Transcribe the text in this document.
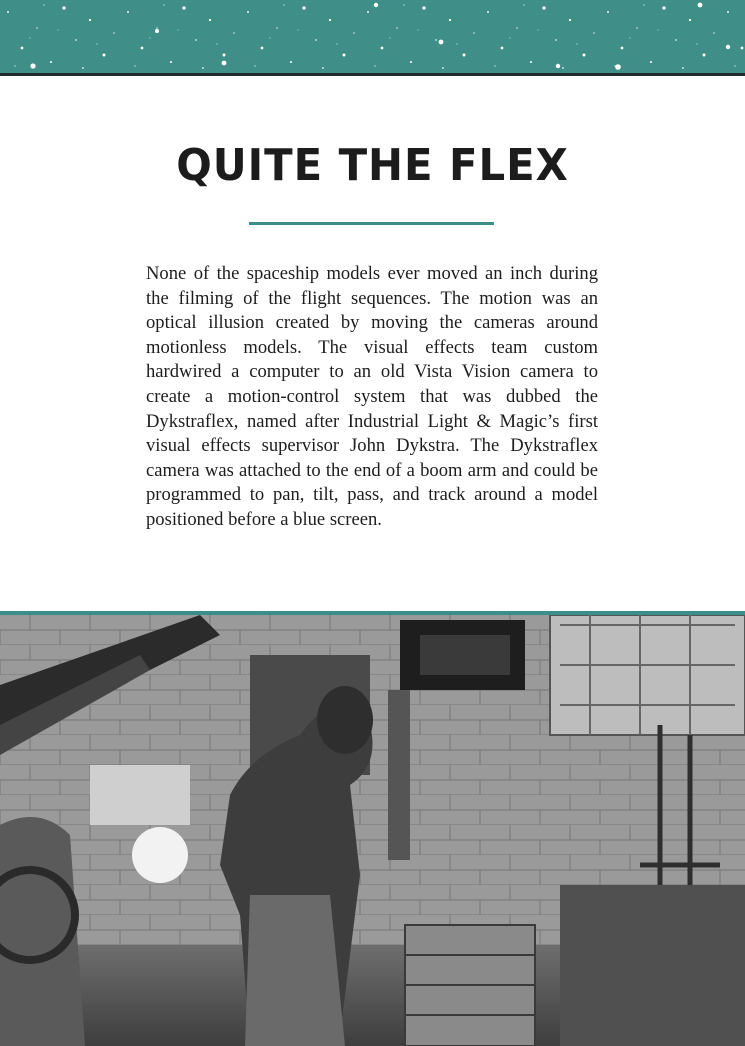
QUITE THE FLEX
None of the spaceship models ever moved an inch during the filming of the flight sequences. The motion was an optical illusion created by moving the cameras around motionless models. The visual effects team custom hardwired a computer to an old Vista Vision camera to create a motion-control system that was dubbed the Dykstraflex, named after Industrial Light & Magic’s first visual effects supervisor John Dykstra. The Dykstraflex camera was attached to the end of a boom arm and could be programmed to pan, tilt, pass, and track around a model positioned before a blue screen.
